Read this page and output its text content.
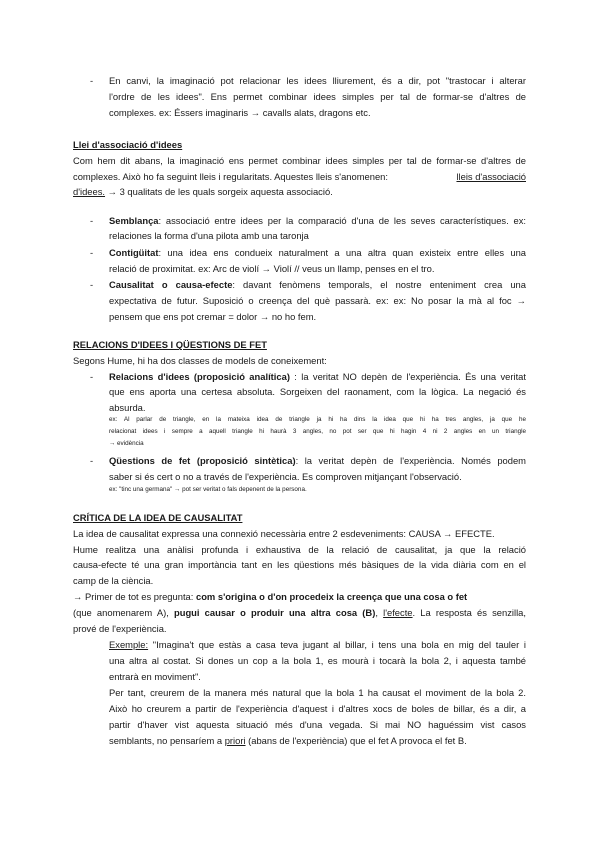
- En canvi, la imaginació pot relacionar les idees lliurement, és a dir, pot "trastocar i alterar
l'ordre de les idees". Ens permet combinar idees simples per tal de formar-se d'altres de
complexes. ex: Éssers imaginaris → cavalls alats, dragons etc.
Llei d'associació d'idees
Com hem dit abans, la imaginació ens permet combinar idees simples per tal de formar-se d'altres de
complexes. Això ho fa seguint lleis i regularitats. Aquestes lleis s'anomenen:	lleis d'associació
d'idees. → 3 qualitats de les quals sorgeix aquesta associació.
- Semblança: associació entre idees per la comparació d'una de les seves característiques. ex:
relaciones la forma d'una pilota amb una taronja
- Contigüitat: una idea ens condueix naturalment a una altra quan existeix entre elles una
relació de proximitat. ex: Arc de violí → Violí // veus un llamp, penses en el tro.
- Causalitat o causa-efecte: davant fenòmens temporals, el nostre enteniment crea una
expectativa de futur. Suposició o creença del què passarà. ex: ex: No posar la mà al foc →
pensem que ens pot cremar = dolor → no ho fem.
RELACIONS D'IDEES I QÜESTIONS DE FET
Segons Hume, hi ha dos classes de models de coneixement:
- Relacions d'idees (proposició analítica) : la veritat NO depèn de l'experiència. És una veritat
que ens aporta una certesa absoluta. Sorgeixen del raonament, com la lògica. La negació és
absurda.
ex: Al parlar de triangle, en la mateixa idea de triangle ja hi ha dins la idea que hi ha tres angles, ja que he
relacionat idees i sempre a aquell triangle hi haurà 3 angles, no pot ser que hi hagin 4 ni 2 angles en un triangle
→ evidència
- Qüestions de fet (proposició sintètica): la veritat depèn de l'experiència. Només podem
saber si és cert o no a través de l'experiència. Es comproven mitjançant l'observació.
ex: "tinc una germana" → pot ser veritat o fals depenent de la persona.
CRÍTICA DE LA IDEA DE CAUSALITAT
La idea de causalitat expressa una connexió necessària entre 2 esdeveniments: CAUSA → EFECTE.
Hume realitza una anàlisi profunda i exhaustiva de la relació de causalitat, ja que la relació
causa-efecte té una gran importància tant en les qüestions més bàsiques de la vida diària com en el
camp de la ciència.
→ Primer de tot es pregunta: com s'origina o d'on procedeix la creença que una cosa o fet
(que anomenarem A), pugui causar o produir una altra cosa (B), l'efecte. La resposta és senzilla,
prové de l'experiència.
Exemple: "Imagina't que estàs a casa teva jugant al billar, i tens una bola en mig del tauler i
una altra al costat. Si dones un cop a la bola 1, es mourà i tocarà la bola 2, i aquesta també
entrarà en moviment".
Per tant, creurem de la manera més natural que la bola 1 ha causat el moviment de la bola 2.
Això ho creurem a partir de l'experiència d'aquest i d'altres xocs de boles de billar, és a dir, a
partir d'haver vist aquesta situació més d'una vegada. Si mai NO haguéssim vist casos
semblants, no pensaríem a priori (abans de l'experiència) que el fet A provoca el fet B.
